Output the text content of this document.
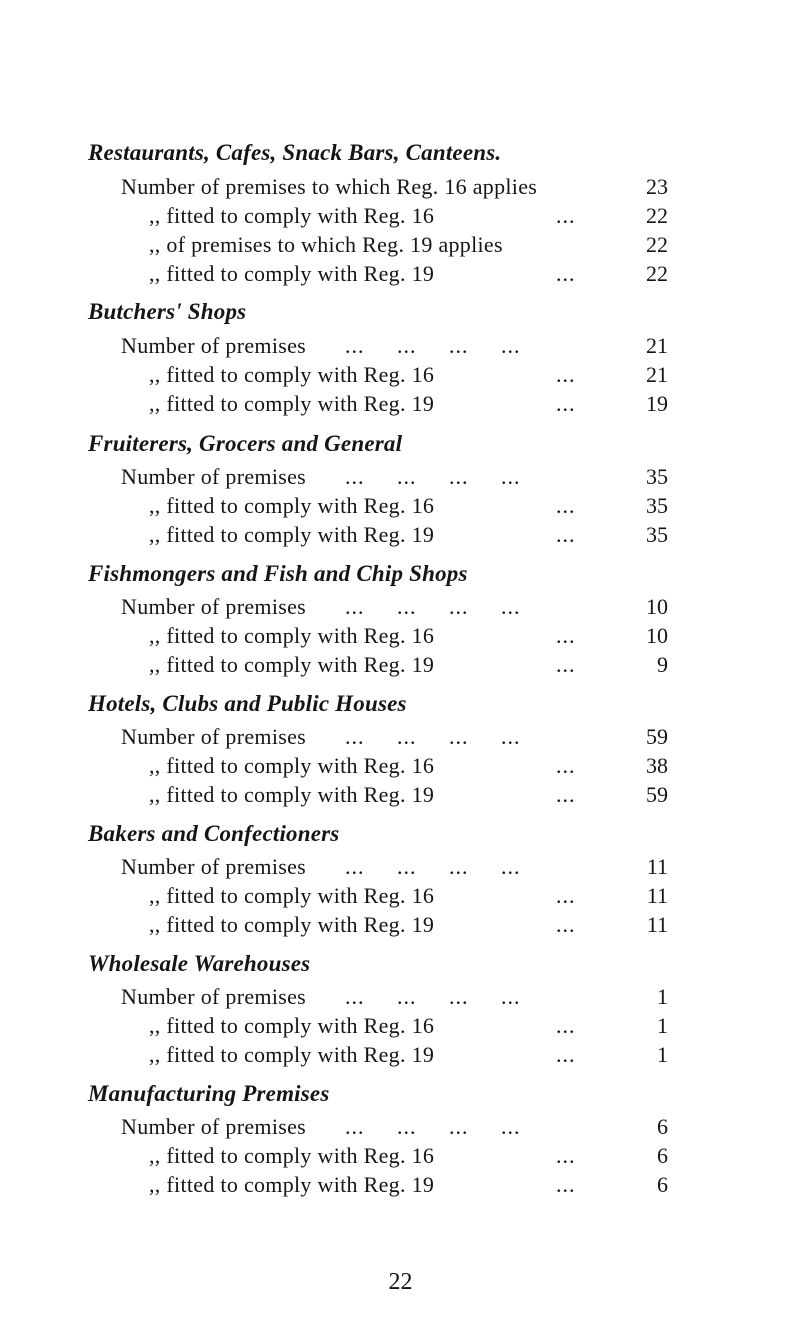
Restaurants, Cafes, Snack Bars, Canteens.
Number of premises to which Reg. 16 applies	23
,, fitted to comply with Reg. 16	...	22
,, of premises to which Reg. 19 applies	22
,, fitted to comply with Reg. 19	...	22
Butchers' Shops
Number of premises ...     ...     ...     ...	21
,, fitted to comply with Reg. 16	...	21
,, fitted to comply with Reg. 19	...	19
Fruiterers, Grocers and General
Number of premises ...     ...     ...     ...	35
,, fitted to comply with Reg. 16	...	35
,, fitted to comply with Reg. 19	...	35
Fishmongers and Fish and Chip Shops
Number of premises ...     ...     ...     ...	10
,, fitted to comply with Reg. 16	...	10
,, fitted to comply with Reg. 19	...	9
Hotels, Clubs and Public Houses
Number of premises ...     ...     ...     ...	59
,, fitted to comply with Reg. 16	...	38
,, fitted to comply with Reg. 19	...	59
Bakers and Confectioners
Number of premises ...     ...     ...     ...	11
,, fitted to comply with Reg. 16	...	11
,, fitted to comply with Reg. 19	...	11
Wholesale Warehouses
Number of premises ...     ...     ...     ...	1
,, fitted to comply with Reg. 16	...	1
,, fitted to comply with Reg. 19	...	1
Manufacturing Premises
Number of premises ...     ...     ...     ...	6
,, fitted to comply with Reg. 16	...	6
,, fitted to comply with Reg. 19	...	6
22
